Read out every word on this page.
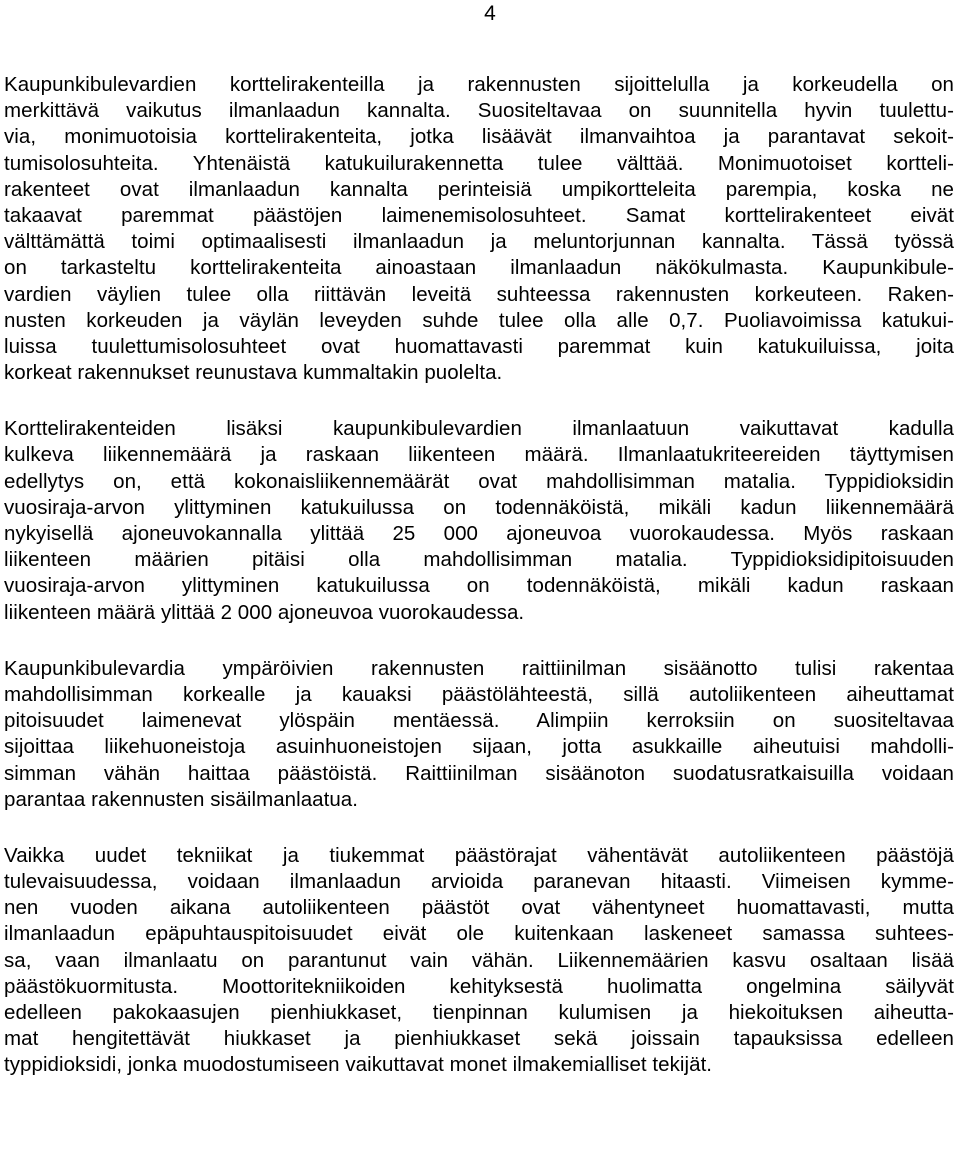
4
Kaupunkibulevardien korttelirakenteilla ja rakennusten sijoittelulla ja korkeudella on
merkittävä vaikutus ilmanlaadun kannalta. Suositeltavaa on suunnitella hyvin tuulettu-
via, monimuotoisia korttelirakenteita, jotka lisäävät ilmanvaihtoa ja parantavat sekoit-
tumisolosuhteita. Yhtenäistä katukuilurakennetta tulee välttää. Monimuotoiset kortteli-
rakenteet ovat ilmanlaadun kannalta perinteisiä umpikortteleita parempia, koska ne
takaavat paremmat päästöjen laimenemisolosuhteet. Samat korttelirakenteet eivät
välttämättä toimi optimaalisesti ilmanlaadun ja meluntorjunnan kannalta. Tässä työssä
on tarkasteltu korttelirakenteita ainoastaan ilmanlaadun näkökulmasta. Kaupunkibule-
vardien väylien tulee olla riittävän leveitä suhteessa rakennusten korkeuteen. Raken-
nusten korkeuden ja väylän leveyden suhde tulee olla alle 0,7. Puoliavoimissa katukui-
luissa tuulettumisolosuhteet ovat huomattavasti paremmat kuin katukuiluissa, joita
korkeat rakennukset reunustava kummaltakin puolelta.
Korttelirakenteiden lisäksi kaupunkibulevardien ilmanlaatuun vaikuttavat kadulla
kulkeva liikennemäärä ja raskaan liikenteen määrä. Ilmanlaatukriteereiden täyttymisen
edellytys on, että kokonaisliikennemäärät ovat mahdollisimman matalia. Typpidioksidin
vuosiraja-arvon ylittyminen katukuilussa on todennäköistä, mikäli kadun liikennemäärä
nykyisellä ajoneuvokannalla ylittää 25 000 ajoneuvoa vuorokaudessa. Myös raskaan
liikenteen määrien pitäisi olla mahdollisimman matalia. Typpidioksidipitoisuuden
vuosiraja-arvon ylittyminen katukuilussa on todennäköistä, mikäli kadun raskaan
liikenteen määrä ylittää 2 000 ajoneuvoa vuorokaudessa.
Kaupunkibulevardia ympäröivien rakennusten raittiinilman sisäänotto tulisi rakentaa
mahdollisimman korkealle ja kauaksi päästölähteestä, sillä autoliikenteen aiheuttamat
pitoisuudet laimenevat ylöspäin mentäessä. Alimpiin kerroksiin on suositeltavaa
sijoittaa liikehuoneistoja asuinhuoneistojen sijaan, jotta asukkaille aiheutuisi mahdolli-
simman vähän haittaa päästöistä. Raittiinilman sisäänoton suodatusratkaisuilla voidaan
parantaa rakennusten sisäilmanlaatua.
Vaikka uudet tekniikat ja tiukemmat päästörajat vähentävät autoliikenteen päästöjä
tulevaisuudessa, voidaan ilmanlaadun arvioida paranevan hitaasti. Viimeisen kymme-
nen vuoden aikana autoliikenteen päästöt ovat vähentyneet huomattavasti, mutta
ilmanlaadun epäpuhtauspitoisuudet eivät ole kuitenkaan laskeneet samassa suhtees-
sa, vaan ilmanlaatu on parantunut vain vähän. Liikennemäärien kasvu osaltaan lisää
päästökuormitusta. Moottoritekniikoiden kehityksestä huolimatta ongelmina säilyvät
edelleen pakokaasujen pienhiukkaset, tienpinnan kulumisen ja hiekoituksen aiheutta-
mat hengitettävät hiukkaset ja pienhiukkaset sekä joissain tapauksissa edelleen
typpidioksidi, jonka muodostumiseen vaikuttavat monet ilmakemialliset tekijät.
